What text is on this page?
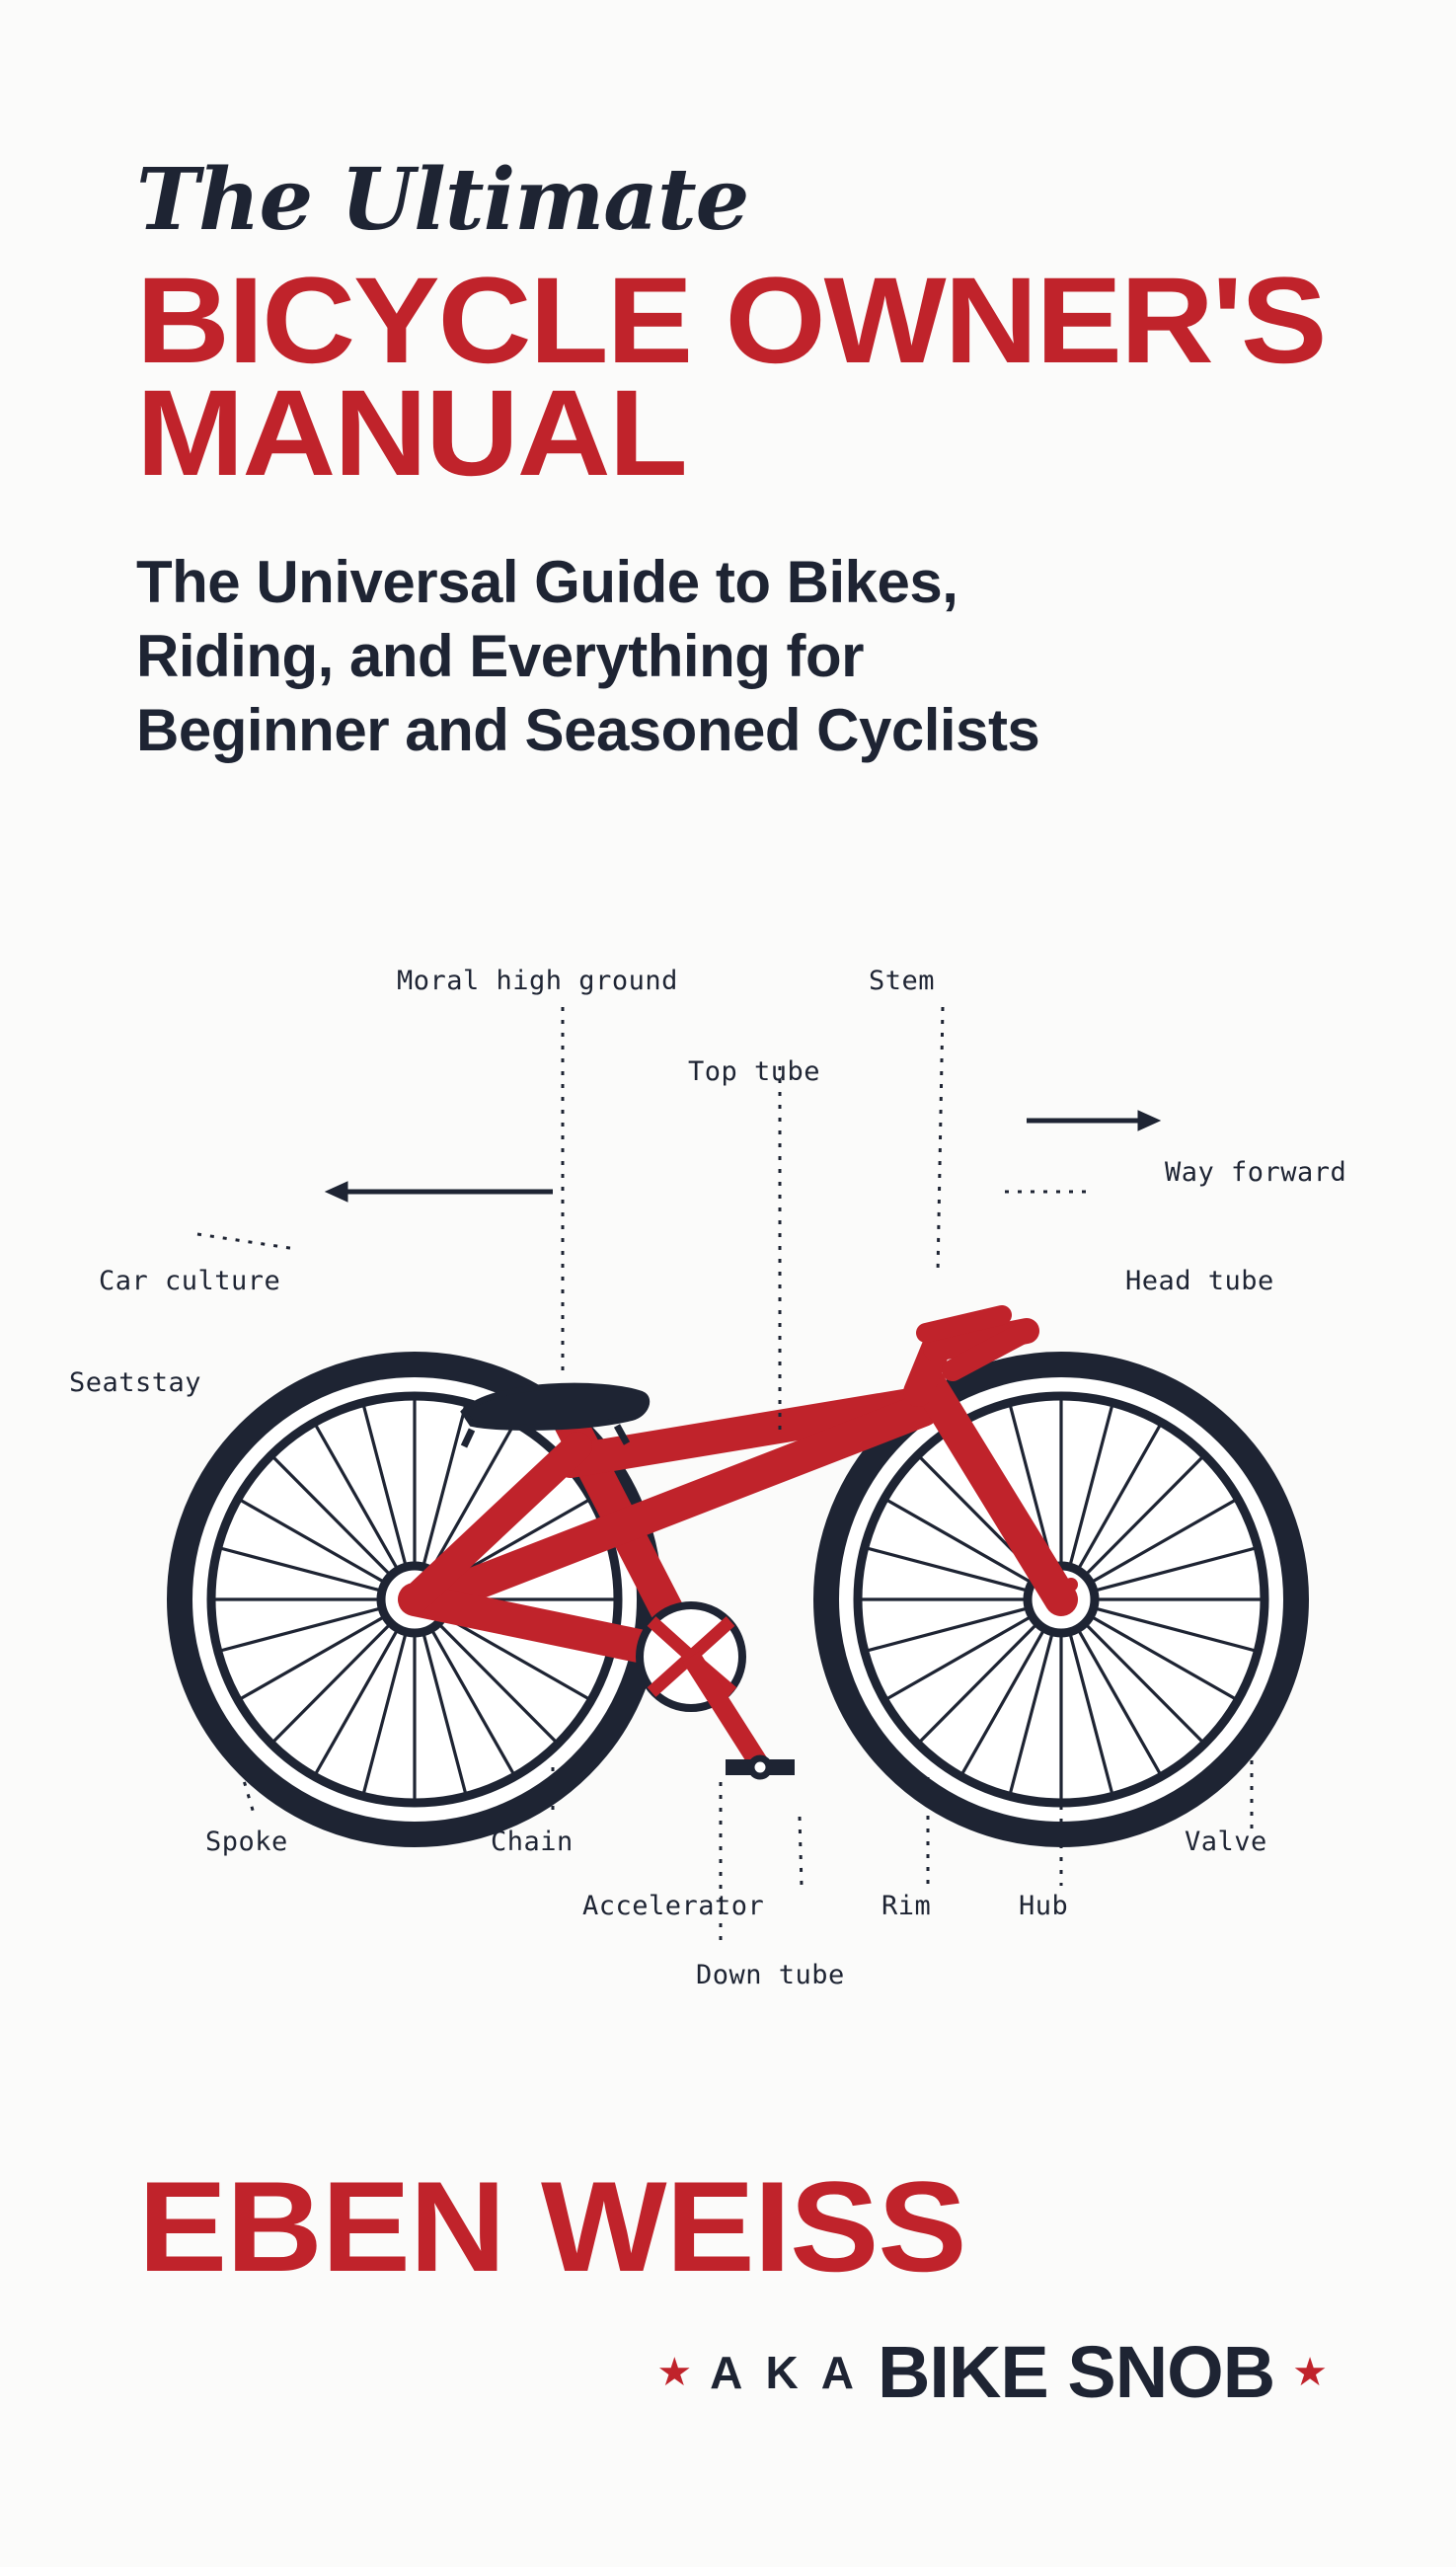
The Ultimate
BICYCLE OWNER'S
MANUAL
The Universal Guide to Bikes,
Riding, and Everything for
Beginner and Seasoned Cyclists
Moral high ground	Stem
Top tube
Way forward
Car culture	Head tube
Seatstay
Spoke	Chain
Accelerator	Rim	Hub
Valve
Down tube
EBEN WEISS
★ A K A BIKE SNOB ★
